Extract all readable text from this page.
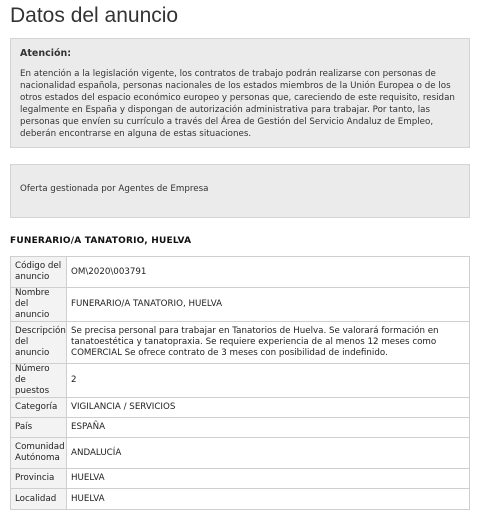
Datos del anuncio

Atención:

En atención a la legislación vigente, los contratos de trabajo podrán realizarse con personas de nacionalidad española, personas nacionales de los estados miembros de la Unión Europea o de los otros estados del espacio económico europeo y personas que, careciendo de este requisito, residan legalmente en España y dispongan de autorización administrativa para trabajar. Por tanto, las personas que envíen su currículo a través del Área de Gestión del Servicio Andaluz de Empleo, deberán encontrarse en alguna de estas situaciones.

Oferta gestionada por Agentes de Empresa
FUNERARIO/A TANATORIO, HUELVA
Código del anuncio	OM\2020\003791
Nombre del anuncio	FUNERARIO/A TANATORIO, HUELVA
Descripción del anuncio	Se precisa personal para trabajar en Tanatorios de Huelva. Se valorará formación en tanatoestética y tanatopraxia. Se requiere experiencia de al menos 12 meses como COMERCIAL Se ofrece contrato de 3 meses con posibilidad de indefinido.
Número de puestos	2
Categoría	VIGILANCIA / SERVICIOS
País	ESPAÑA
Comunidad Autónoma	ANDALUCÍA
Provincia	HUELVA
Localidad	HUELVA
